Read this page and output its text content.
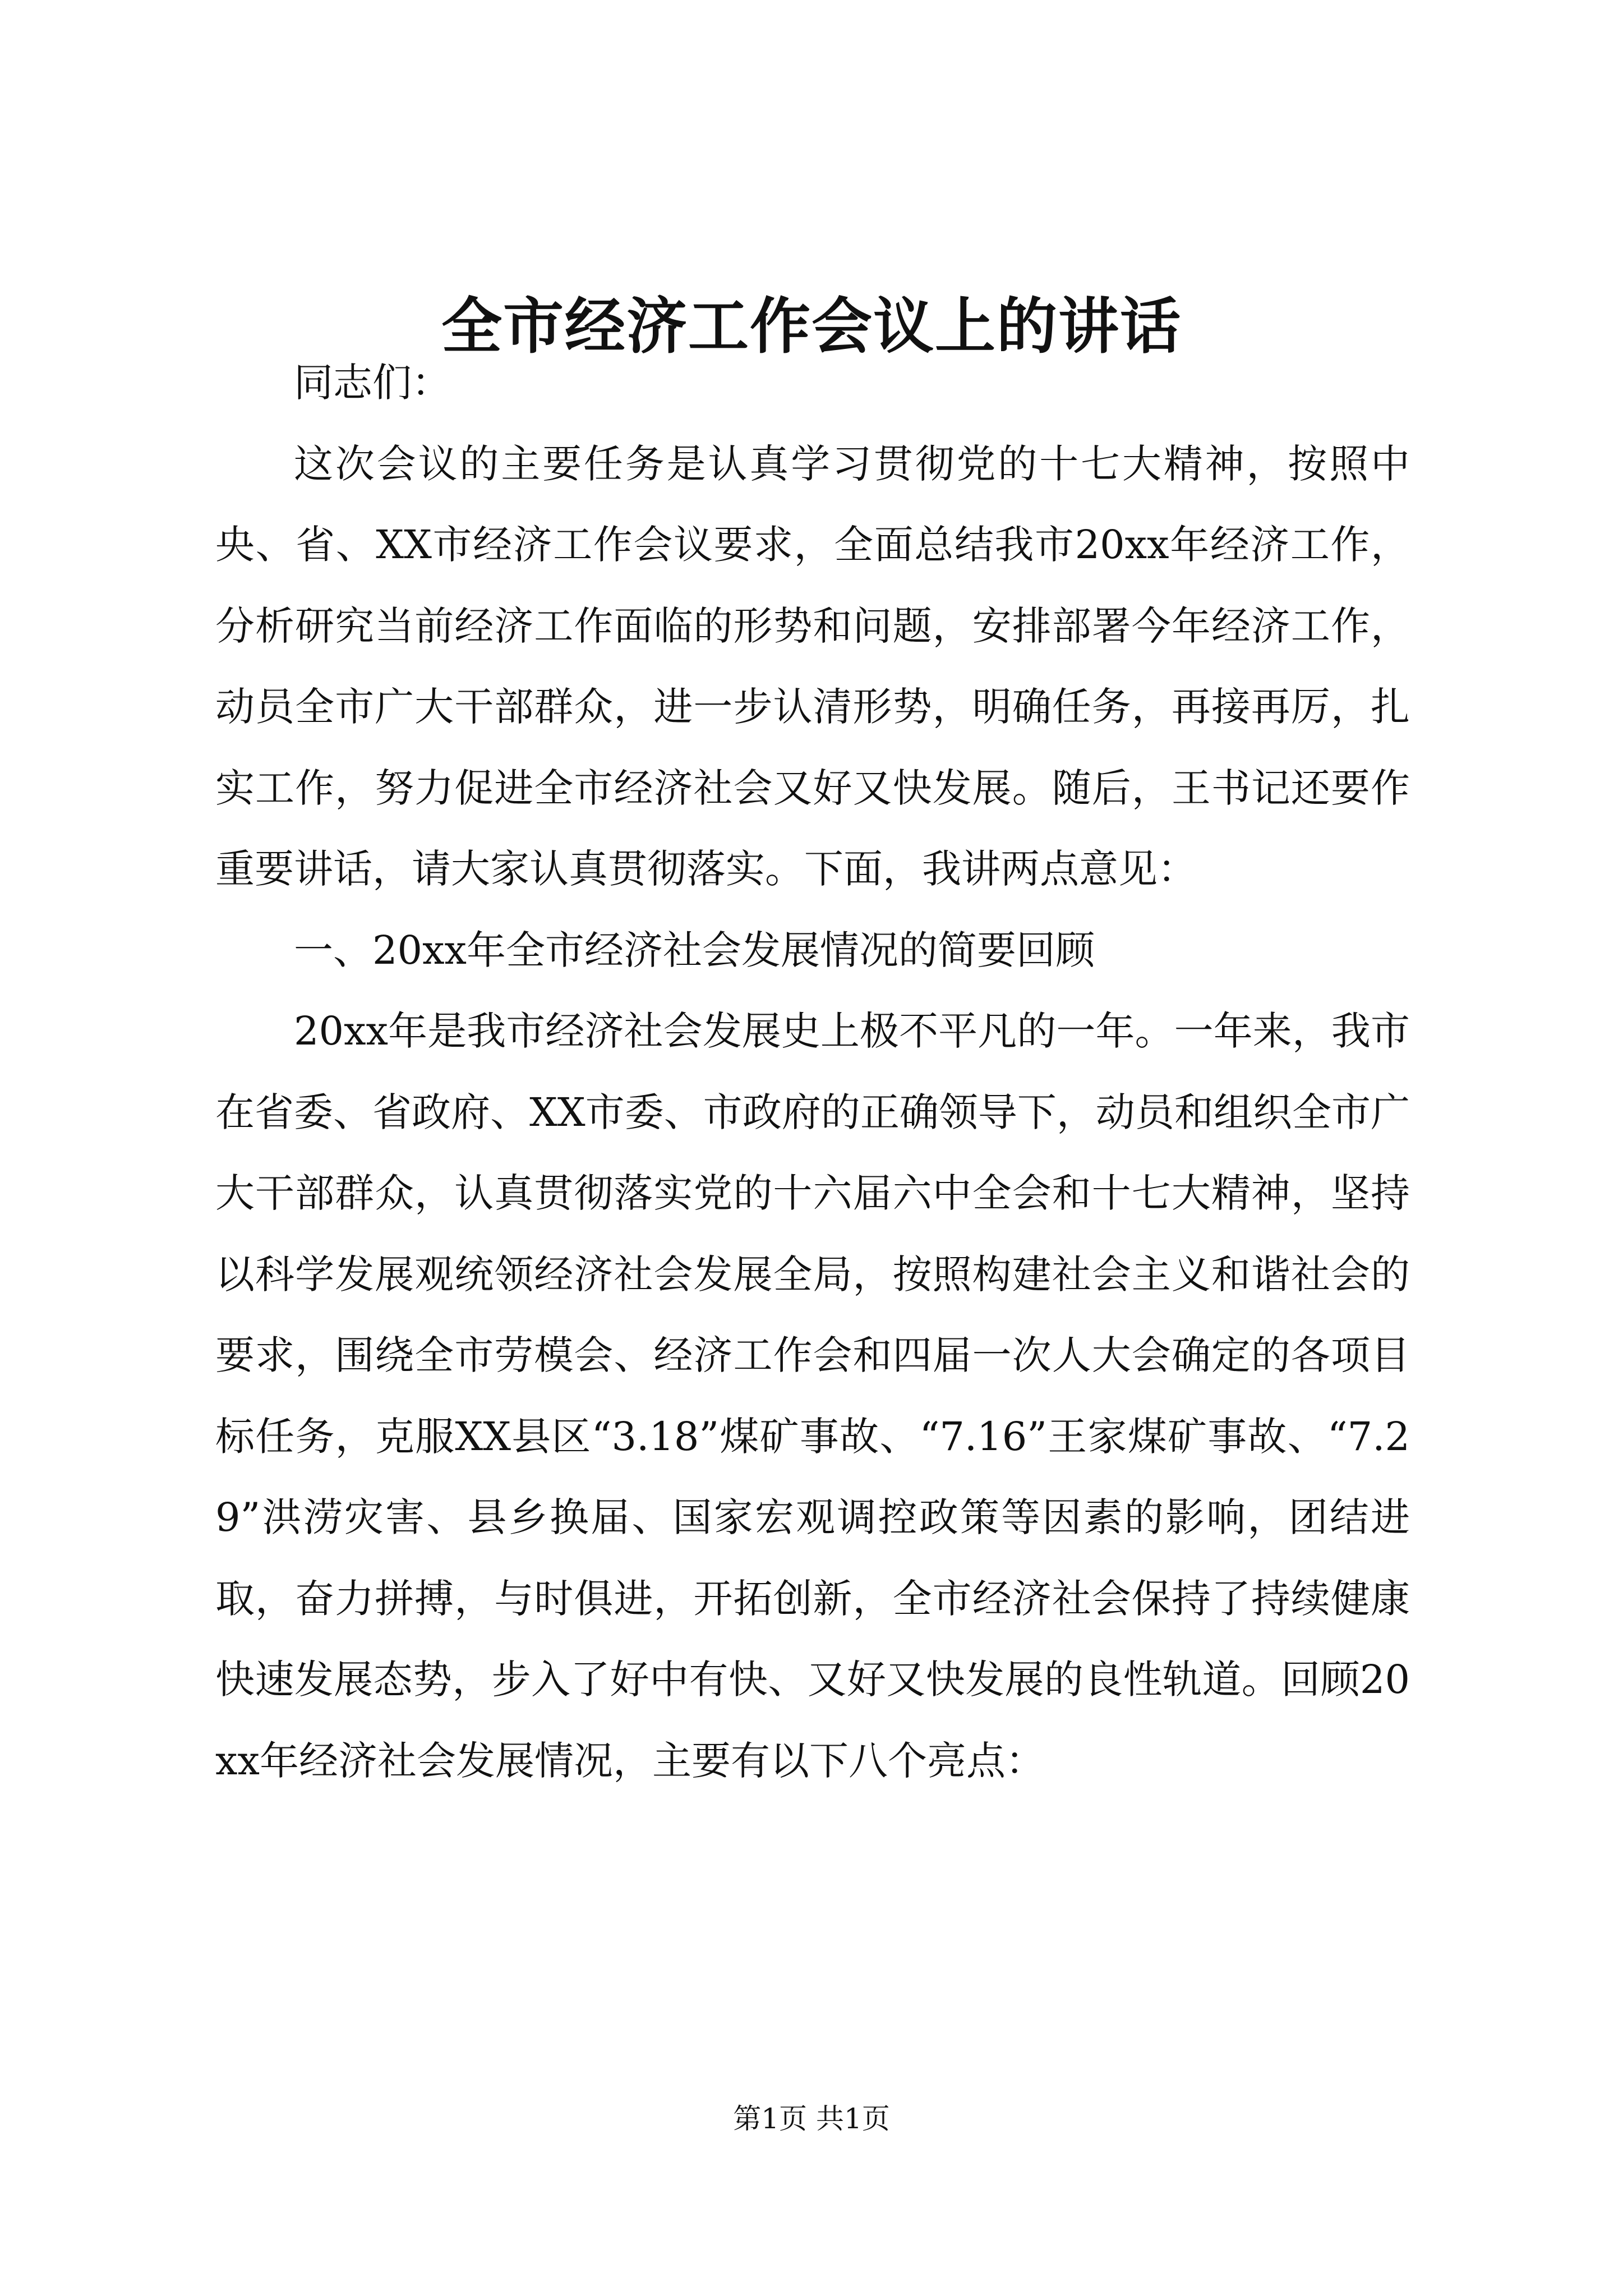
全市经济工作会议上的讲话

同志们：

这次会议的主要任务是认真学习贯彻党的十七大精神，按照中央、省、XX市经济工作会议要求，全面总结我市20xx年经济工作，分析研究当前经济工作面临的形势和问题，安排部署今年经济工作，动员全市广大干部群众，进一步认清形势，明确任务，再接再厉，扎实工作，努力促进全市经济社会又好又快发展。随后，王书记还要作重要讲话，请大家认真贯彻落实。下面，我讲两点意见：

一、20xx年全市经济社会发展情况的简要回顾

20xx年是我市经济社会发展史上极不平凡的一年。一年来，我市在省委、省政府、XX市委、市政府的正确领导下，动员和组织全市广大干部群众，认真贯彻落实党的十六届六中全会和十七大精神，坚持以科学发展观统领经济社会发展全局，按照构建社会主义和谐社会的要求，围绕全市劳模会、经济工作会和四届一次人大会确定的各项目标任务，克服XX县区“3.18”煤矿事故、“7.16”王家煤矿事故、“7.29”洪涝灾害、县乡换届、国家宏观调控政策等因素的影响，团结进取，奋力拼搏，与时俱进，开拓创新，全市经济社会保持了持续健康快速发展态势，步入了好中有快、又好又快发展的良性轨道。回顾20xx年经济社会发展情况，主要有以下八个亮点：

第1页 共1页
